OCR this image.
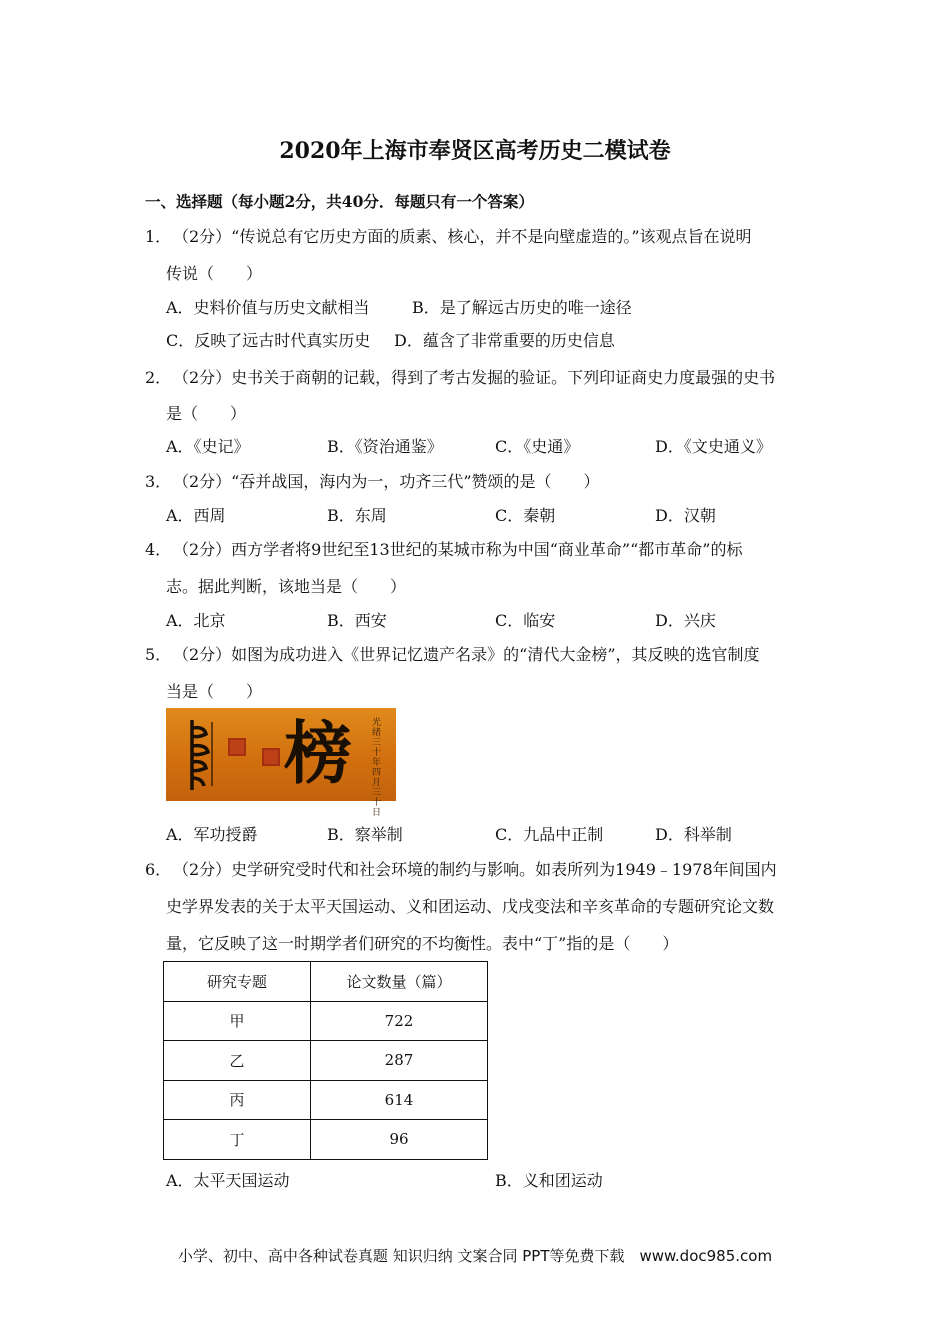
2020年上海市奉贤区高考历史二模试卷
一、选择题（每小题2分，共40分．每题只有一个答案）
1． （2分）“传说总有它历史方面的质素、核心，并不是向壁虚造的。”该观点旨在说明
传说（　　）
A．史料价值与历史文献相当	B．是了解远古历史的唯一途径
C．反映了远古时代真实历史 D．蕴含了非常重要的历史信息
2． （2分）史书关于商朝的记载，得到了考古发掘的验证。下列印证商史力度最强的史书
是（　　）
A．《史记》	B．《资治通鉴》	C．《史通》	D．《文史通义》
3． （2分）“吞并战国，海内为一，功齐三代”赞颂的是（　　）
A．西周	B．东周	C．秦朝	D．汉朝
4． （2分）西方学者将9世纪至13世纪的某城市称为中国“商业革命”“都市革命”的标
志。据此判断，该地当是（　　）
A．北京	B．西安	C．临安	D．兴庆
5． （2分）如图为成功进入《世界记忆遗产名录》的“清代大金榜”，其反映的选官制度
当是（　　）
榜 光绪三十年四月三十日
A．军功授爵	B．察举制	C．九品中正制	D．科举制
6． （2分）史学研究受时代和社会环境的制约与影响。如表所列为1949﹣1978年间国内
史学界发表的关于太平天国运动、义和团运动、戊戌变法和辛亥革命的专题研究论文数
量，它反映了这一时期学者们研究的不均衡性。表中“丁”指的是（　　）
研究专题	论文数量（篇）
甲	722
乙	287
丙	614
丁	96
A．太平天国运动	B．义和团运动
小学、初中、高中各种试卷真题 知识归纳 文案合同 PPT等免费下载　www.doc985.com
